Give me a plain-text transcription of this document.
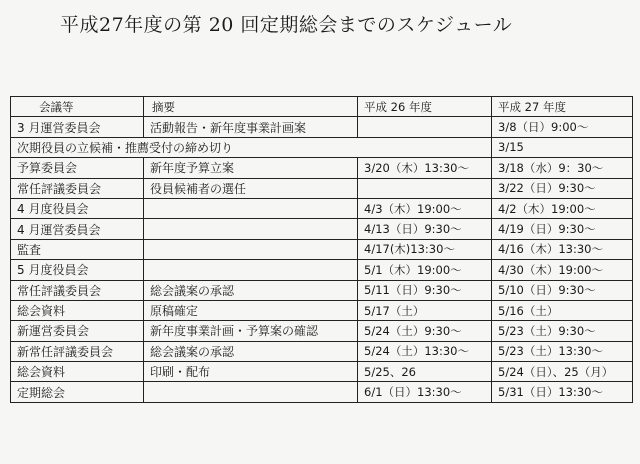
平成27年度の第 20 回定期総会までのスケジュール
会議等	摘要	平成 26 年度	平成 27 年度
3 月運営委員会	活動報告・新年度事業計画案		3/8（日）9:00～
次期役員の立候補・推薦受付の締め切り			3/15
予算委員会	新年度予算立案	3/20（木）13:30～	3/18（水）9：30～
常任評議委員会	役員候補者の選任		3/22（日）9:30～
4 月度役員会		4/3（木）19:00～	4/2（木）19:00～
4 月運営委員会		4/13（日）9:30～	4/19（日）9:30～
監査		4/17(木)13:30～	4/16（木）13:30～
5 月度役員会		5/1（木）19:00～	4/30（木）19:00～
常任評議委員会	総会議案の承認	5/11（日）9:30～	5/10（日）9:30～
総会資料	原稿確定	5/17（土）	5/16（土）
新運営委員会	新年度事業計画・予算案の確認	5/24（土）9:30～	5/23（土）9:30～
新常任評議委員会	総会議案の承認	5/24（土）13:30～	5/23（土）13:30～
総会資料	印刷・配布	5/25、26	5/24（日）、25（月）
定期総会		6/1（日）13:30～	5/31（日）13:30～
